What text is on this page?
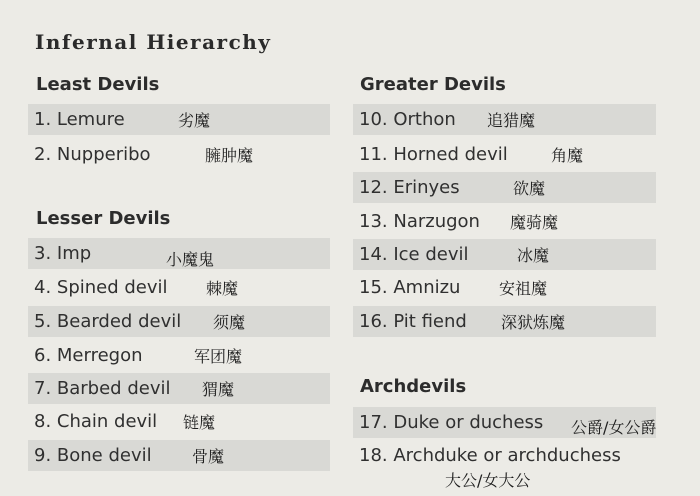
Infernal Hierarchy
Least Devils
1. Lemure	劣魔
2. Nupperibo	臃肿魔
Lesser Devils
3. Imp	小魔鬼
4. Spined devil 棘魔
5. Bearded devil 须魔
6. Merregon	军团魔
7. Barbed devil 猬魔
8. Chain devil 链魔
9. Bone devil	骨魔
Greater Devils
10. Orthon 追猎魔
11. Horned devil	角魔
12. Erinyes	欲魔
13. Narzugon 魔骑魔
14. Ice devil	冰魔
15. Amnizu 安祖魔
16. Pit fiend 深狱炼魔
Archdevils
17. Duke or duchess 公爵/女公爵
18. Archduke or archduchess
大公/女大公
